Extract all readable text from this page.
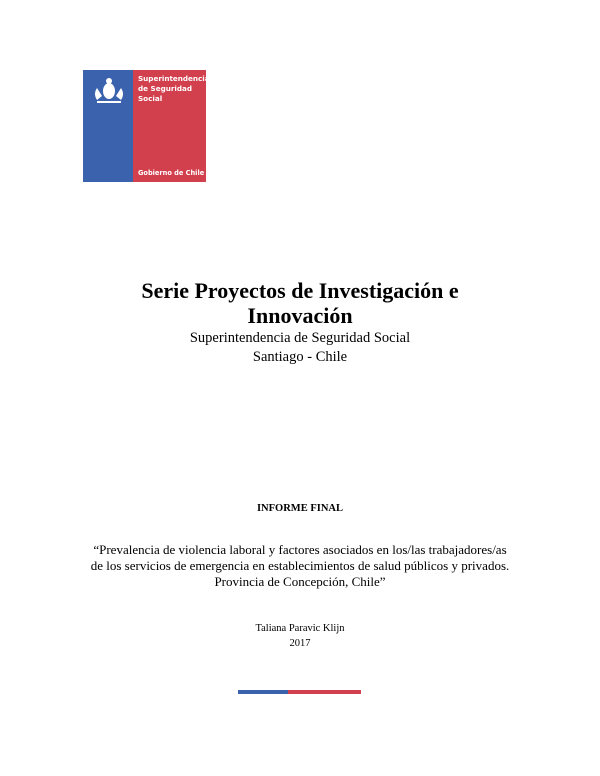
Superintendencia
de Seguridad
Social
Gobierno de Chile
Serie Proyectos de Investigación e
Innovación
Superintendencia de Seguridad Social
Santiago - Chile
INFORME FINAL
“Prevalencia de violencia laboral y factores asociados en los/las trabajadores/as de los servicios de emergencia en establecimientos de salud públicos y privados. Provincia de Concepción, Chile”
Taliana Paravic Klijn
2017
